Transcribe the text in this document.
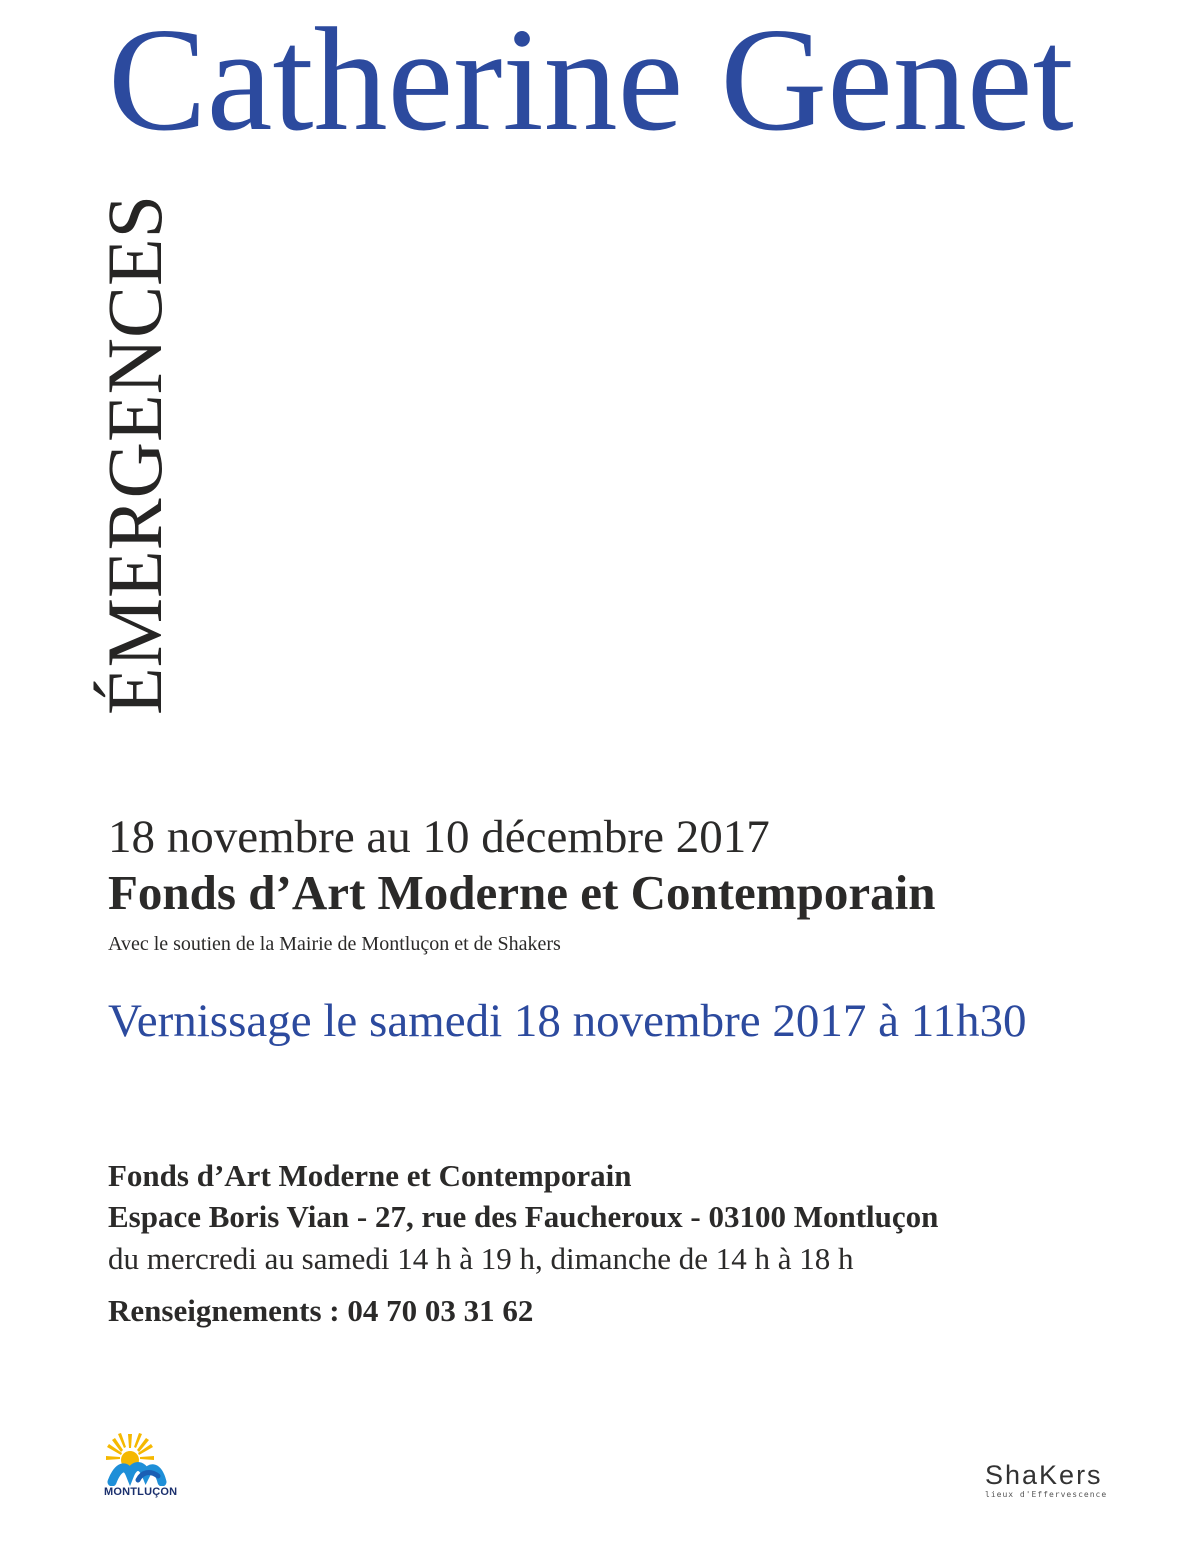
Catherine Genet
ÉMERGENCES

18 novembre au 10 décembre 2017

Fonds d’Art Moderne et Contemporain

Avec le soutien de la Mairie de Montluçon et de Shakers

Vernissage le samedi 18 novembre 2017 à 11h30

Fonds d’Art Moderne et Contemporain

Espace Boris Vian - 27, rue des Faucheroux - 03100 Montluçon

du mercredi au samedi 14 h à 19 h, dimanche de 14 h à 18 h

Renseignements : 04 70 03 31 62

MONTLUÇON
ShaKers
lieux d'Effervescence
